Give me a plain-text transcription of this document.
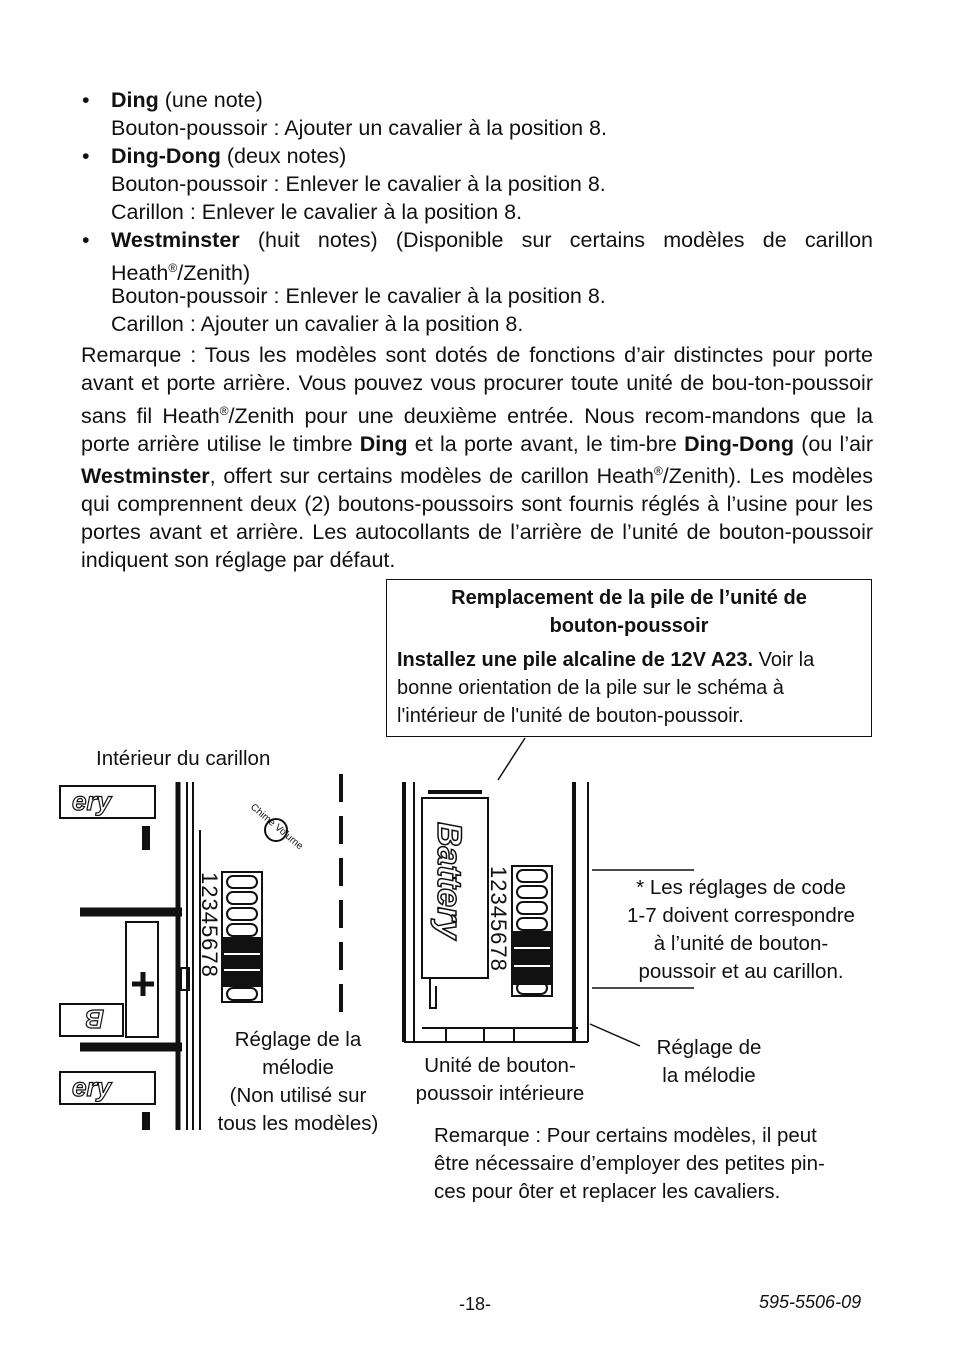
• Ding (une note)
Bouton-poussoir : Ajouter un cavalier à la position 8.
• Ding-Dong (deux notes)
Bouton-poussoir : Enlever le cavalier à la position 8.
Carillon : Enlever le cavalier à la position 8.
• Westminster (huit notes) (Disponible sur certains modèles de carillon
Heath®/Zenith)
Bouton-poussoir : Enlever le cavalier à la position 8.
Carillon : Ajouter un cavalier à la position 8.
Remarque : Tous les modèles sont dotés de fonctions d’air distinctes pour porte avant et porte arrière. Vous pouvez vous procurer toute unité de bou-ton-poussoir sans fil Heath®/Zenith pour une deuxième entrée. Nous recom-mandons que la porte arrière utilise le timbre Ding et la porte avant, le tim-bre Ding-Dong (ou l’air Westminster, offert sur certains modèles de carillon Heath®/Zenith). Les modèles qui comprennent deux (2) boutons-poussoirs sont fournis réglés à l’usine pour les portes avant et arrière. Les autocollants de l’arrière de l’unité de bouton-poussoir indiquent son réglage par défaut.
Remplacement de la pile de l’unité de
bouton-poussoir
Installez une pile alcaline de 12V A23. Voir la bonne orientation de la pile sur le schéma à l'intérieur de l'unité de bouton-poussoir.
ery
ery
B
Battery
12345678	12345678
Chime Volume
Intérieur du carillon
Réglage de la
mélodie
(Non utilisé sur
tous les modèles)
Unité de bouton-
poussoir intérieure
* Les réglages de code
1-7 doivent correspondre
à l’unité de bouton-
poussoir et au carillon.
Réglage de
la mélodie
Remarque : Pour certains modèles, il peut
être nécessaire d’employer des petites pin-
ces pour ôter et replacer les cavaliers.
-18-	595-5506-09
